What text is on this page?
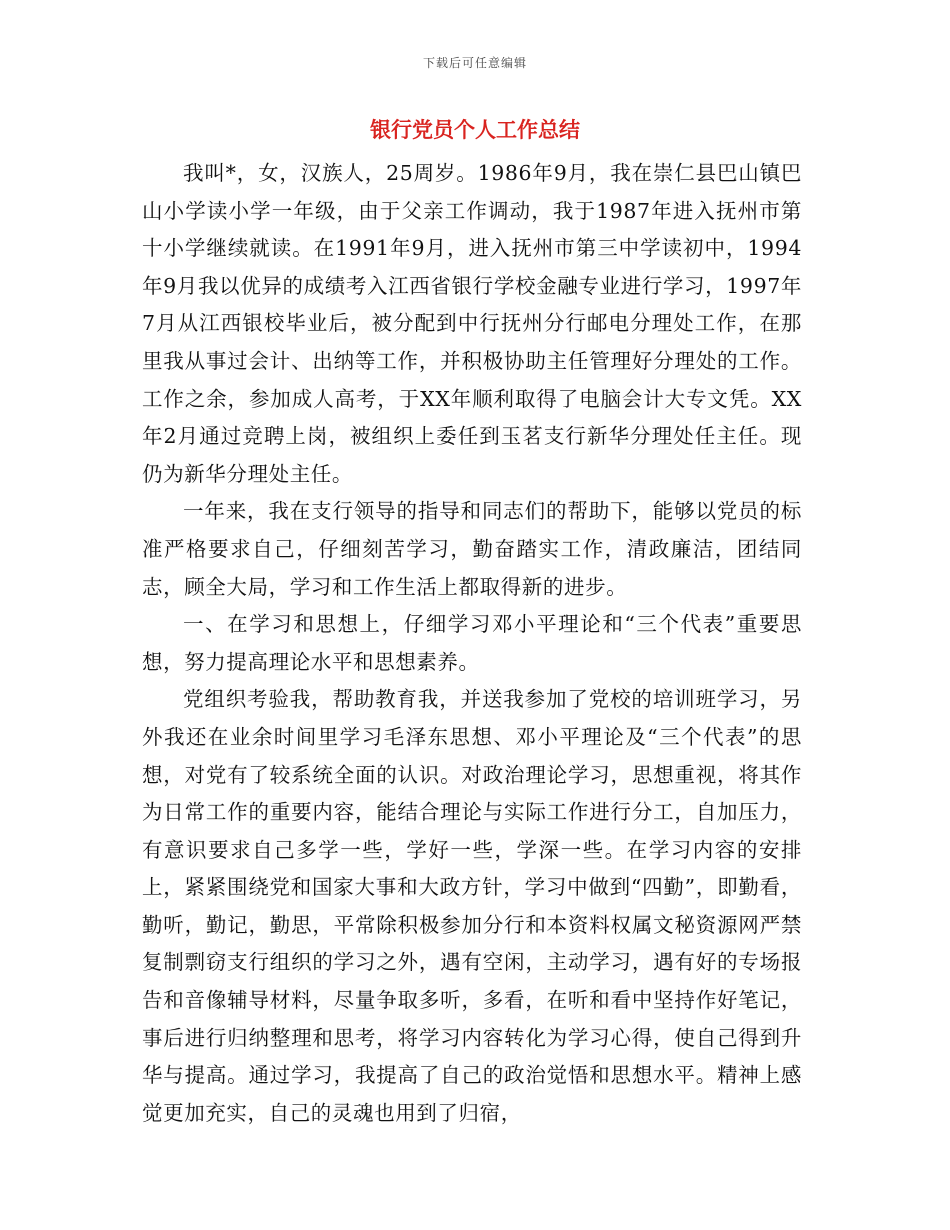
下载后可任意编辑
银行党员个人工作总结

我叫*，女，汉族人，25周岁。1986年9月，我在崇仁县巴山镇巴山小学读小学一年级，由于父亲工作调动，我于1987年进入抚州市第十小学继续就读。在1991年9月，进入抚州市第三中学读初中，1994年9月我以优异的成绩考入江西省银行学校金融专业进行学习，1997年7月从江西银校毕业后，被分配到中行抚州分行邮电分理处工作，在那里我从事过会计、出纳等工作，并积极协助主任管理好分理处的工作。工作之余，参加成人高考，于XX年顺利取得了电脑会计大专文凭。XX年2月通过竞聘上岗，被组织上委任到玉茗支行新华分理处任主任。现仍为新华分理处主任。

一年来，我在支行领导的指导和同志们的帮助下，能够以党员的标准严格要求自己，仔细刻苦学习，勤奋踏实工作，清政廉洁，团结同志，顾全大局，学习和工作生活上都取得新的进步。

一、在学习和思想上，仔细学习邓小平理论和“三个代表”重要思想，努力提高理论水平和思想素养。

党组织考验我，帮助教育我，并送我参加了党校的培训班学习，另外我还在业余时间里学习毛泽东思想、邓小平理论及“三个代表”的思想，对党有了较系统全面的认识。对政治理论学习，思想重视，将其作为日常工作的重要内容，能结合理论与实际工作进行分工，自加压力，有意识要求自己多学一些，学好一些，学深一些。在学习内容的安排上，紧紧围绕党和国家大事和大政方针，学习中做到“四勤”，即勤看，勤听，勤记，勤思，平常除积极参加分行和本资料权属文秘资源网严禁复制剽窃支行组织的学习之外，遇有空闲，主动学习，遇有好的专场报告和音像辅导材料，尽量争取多听，多看，在听和看中坚持作好笔记，事后进行归纳整理和思考，将学习内容转化为学习心得，使自己得到升华与提高。通过学习，我提高了自己的政治觉悟和思想水平。精神上感觉更加充实，自己的灵魂也用到了归宿，
